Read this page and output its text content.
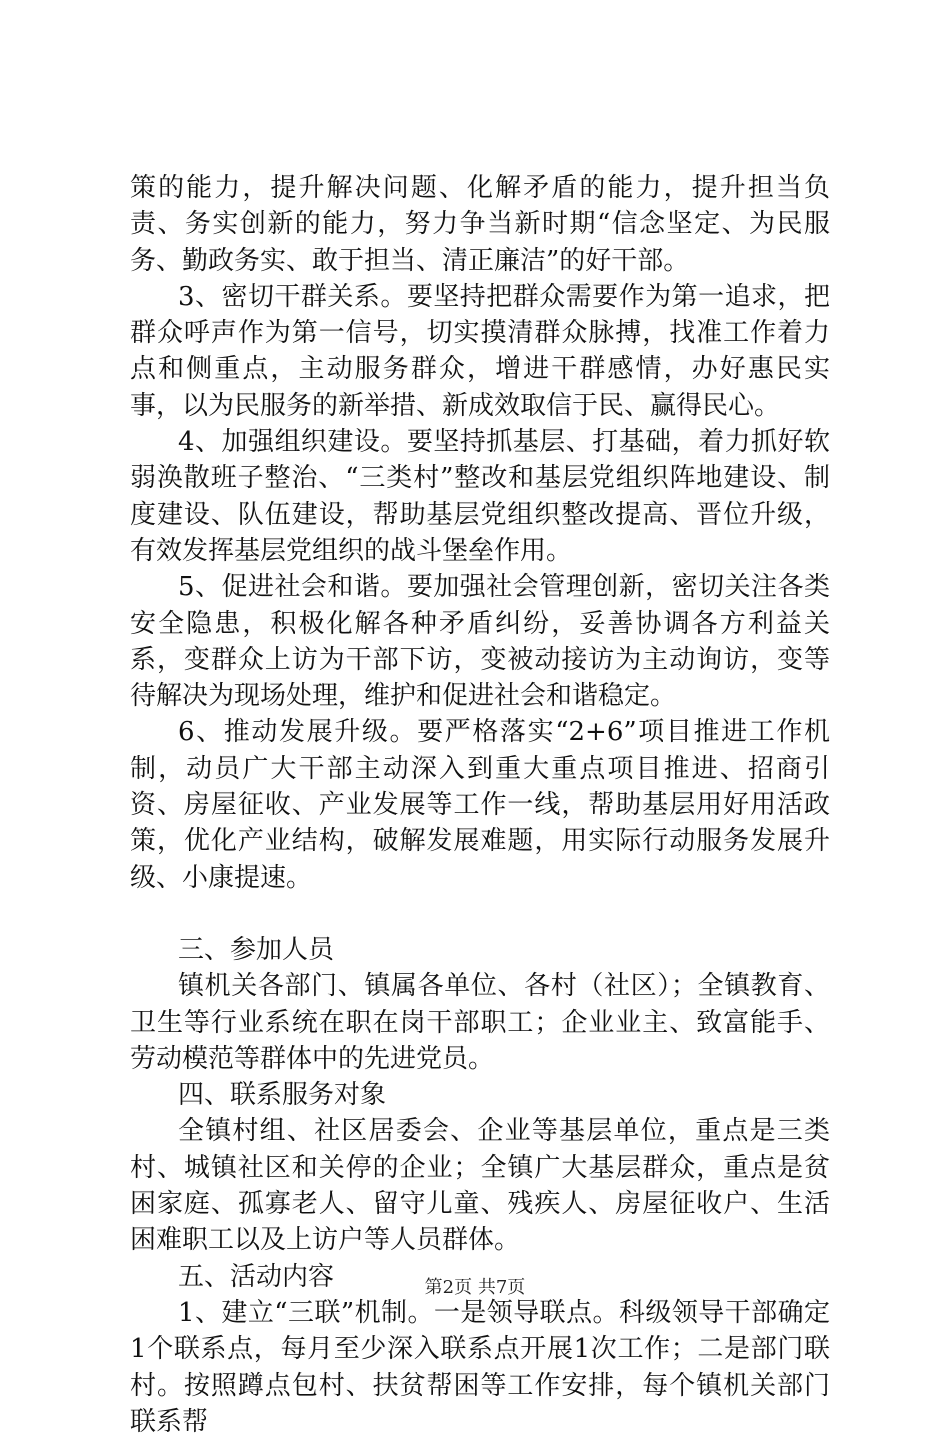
策的能力，提升解决问题、化解矛盾的能力，提升担当负责、务实创新的能力，努力争当新时期“信念坚定、为民服务、勤政务实、敢于担当、清正廉洁”的好干部。

3、密切干群关系。要坚持把群众需要作为第一追求，把群众呼声作为第一信号，切实摸清群众脉搏，找准工作着力点和侧重点，主动服务群众，增进干群感情，办好惠民实事，以为民服务的新举措、新成效取信于民、赢得民心。

4、加强组织建设。要坚持抓基层、打基础，着力抓好软弱涣散班子整治、“三类村”整改和基层党组织阵地建设、制度建设、队伍建设，帮助基层党组织整改提高、晋位升级，有效发挥基层党组织的战斗堡垒作用。

5、促进社会和谐。要加强社会管理创新，密切关注各类安全隐患，积极化解各种矛盾纠纷，妥善协调各方利益关系，变群众上访为干部下访，变被动接访为主动询访，变等待解决为现场处理，维护和促进社会和谐稳定。

6、推动发展升级。要严格落实“2+6”项目推进工作机制，动员广大干部主动深入到重大重点项目推进、招商引资、房屋征收、产业发展等工作一线，帮助基层用好用活政策，优化产业结构，破解发展难题，用实际行动服务发展升级、小康提速。

三、参加人员

镇机关各部门、镇属各单位、各村（社区）；全镇教育、卫生等行业系统在职在岗干部职工；企业业主、致富能手、劳动模范等群体中的先进党员。

四、联系服务对象

全镇村组、社区居委会、企业等基层单位，重点是三类村、城镇社区和关停的企业；全镇广大基层群众，重点是贫困家庭、孤寡老人、留守儿童、残疾人、房屋征收户、生活困难职工以及上访户等人员群体。

五、活动内容

1、建立“三联”机制。一是领导联点。科级领导干部确定1个联系点，每月至少深入联系点开展1次工作；二是部门联村。按照蹲点包村、扶贫帮困等工作安排，每个镇机关部门联系帮

第2页 共7页
